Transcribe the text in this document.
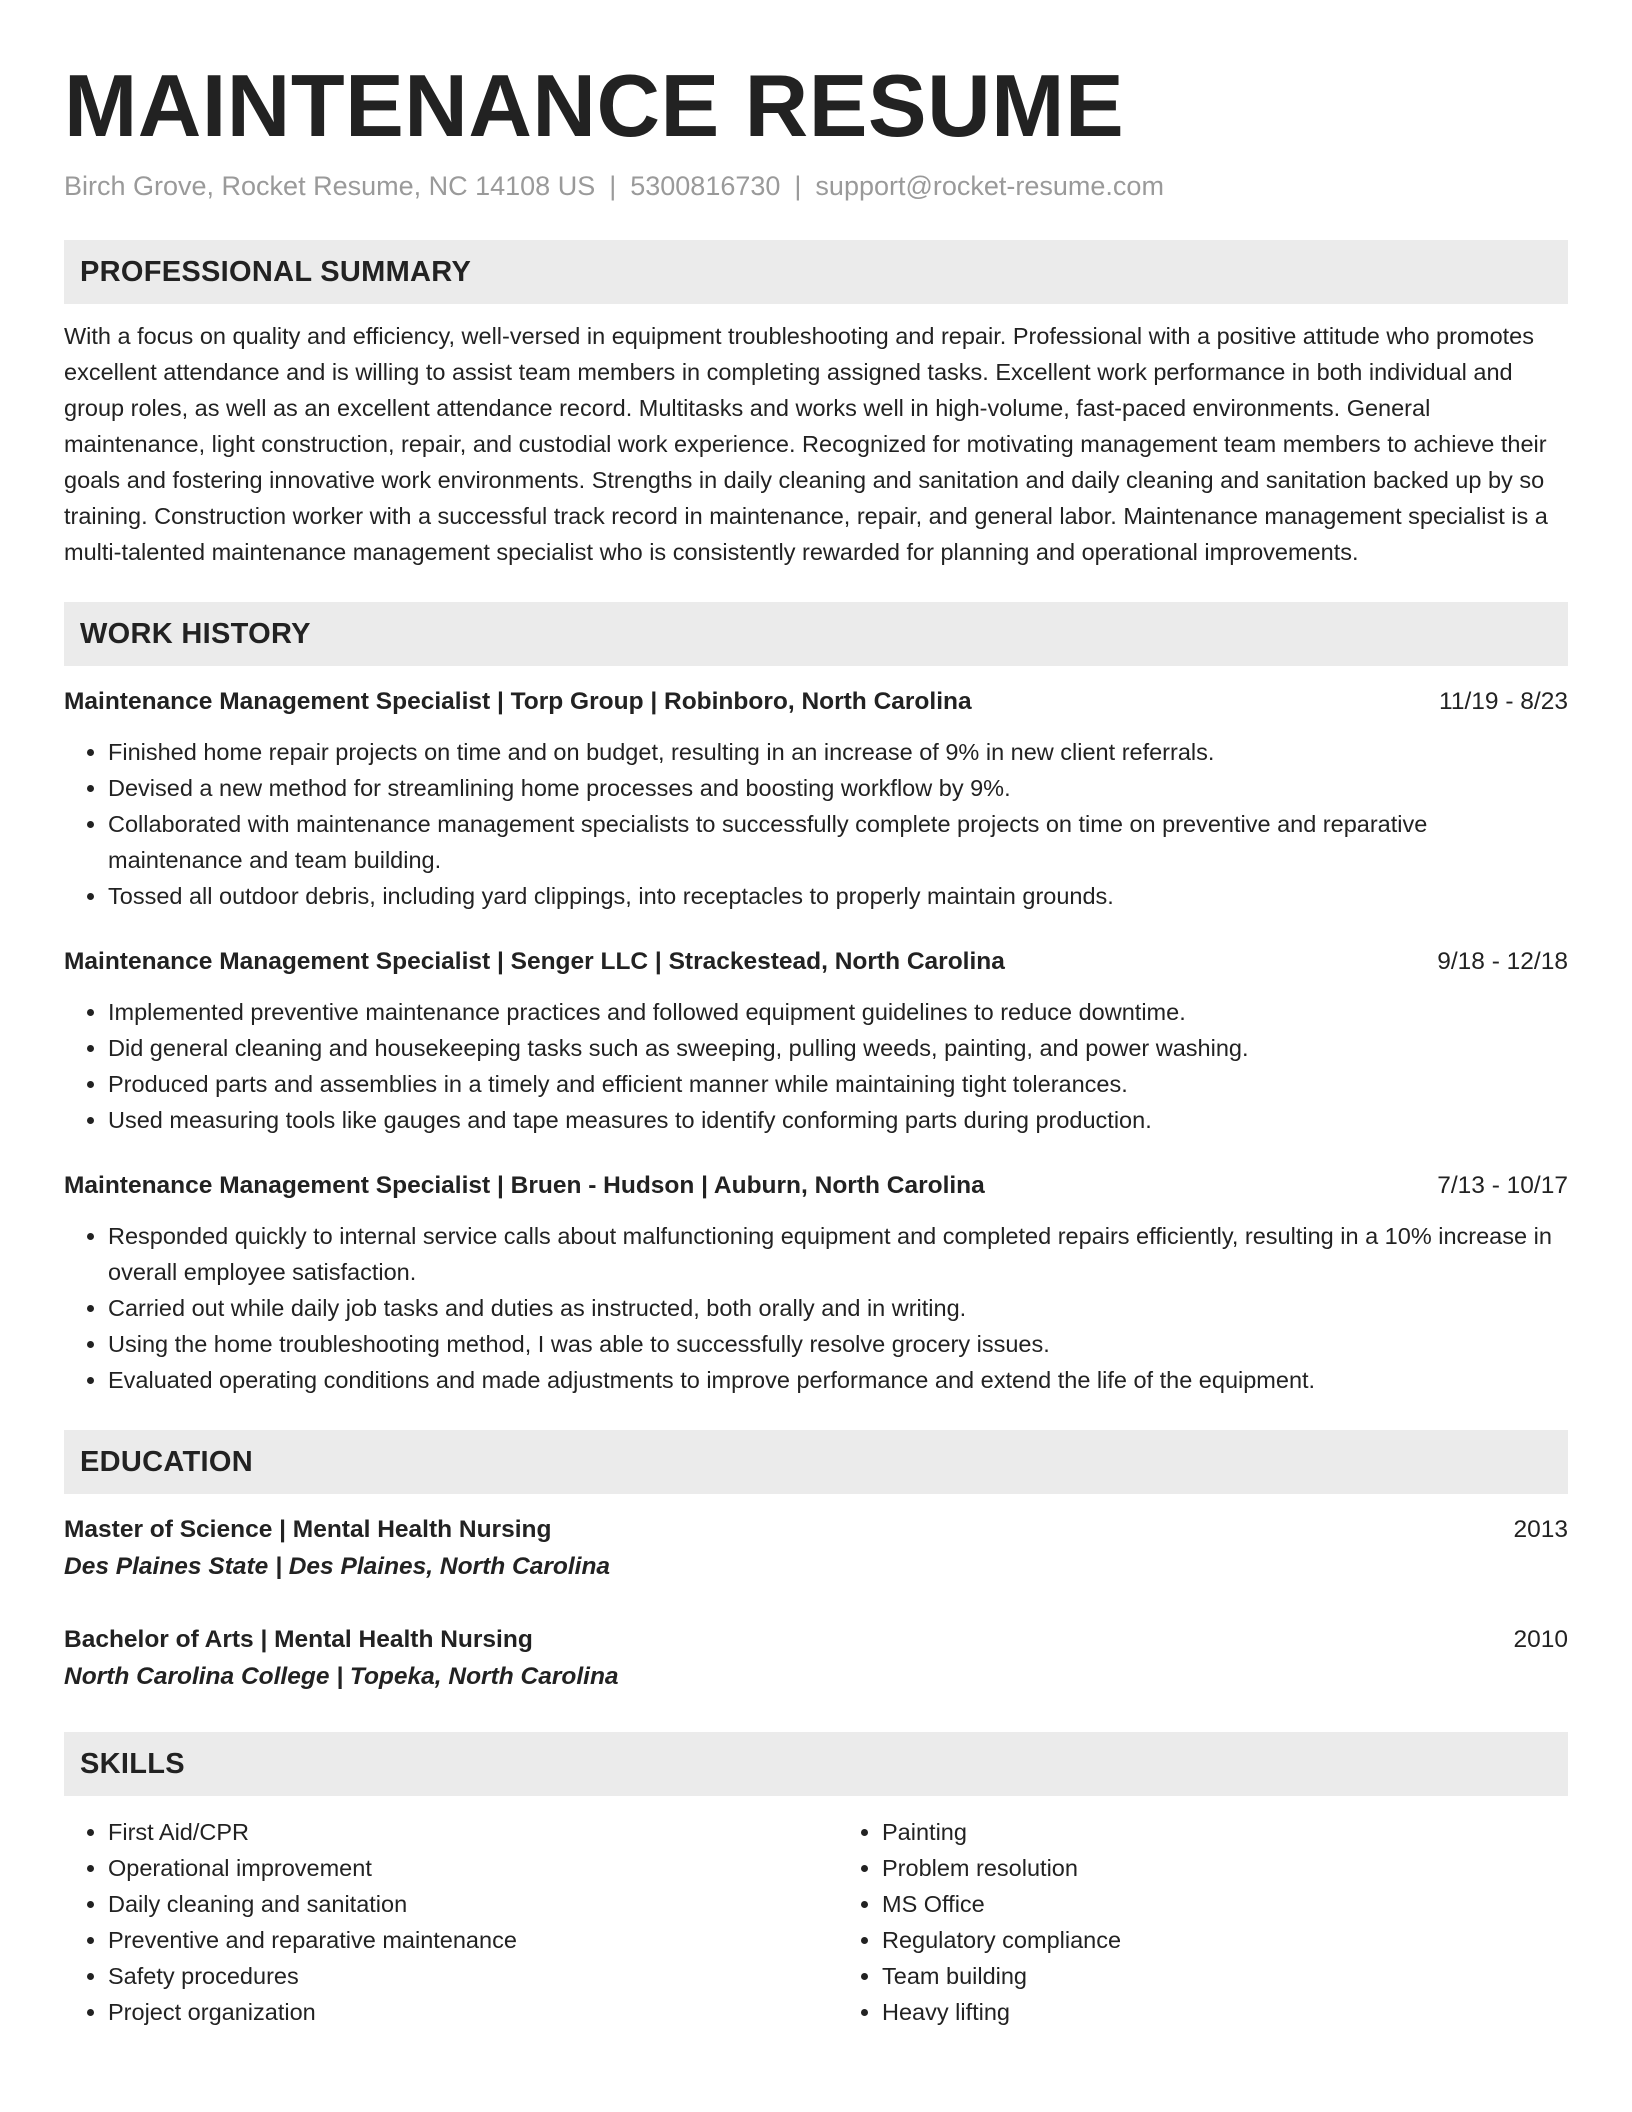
MAINTENANCE RESUME
Birch Grove, Rocket Resume, NC 14108 US | 5300816730 | support@rocket-resume.com
PROFESSIONAL SUMMARY
With a focus on quality and efficiency, well-versed in equipment troubleshooting and repair. Professional with a positive attitude who promotes excellent attendance and is willing to assist team members in completing assigned tasks. Excellent work performance in both individual and group roles, as well as an excellent attendance record. Multitasks and works well in high-volume, fast-paced environments. General maintenance, light construction, repair, and custodial work experience. Recognized for motivating management team members to achieve their goals and fostering innovative work environments. Strengths in daily cleaning and sanitation and daily cleaning and sanitation backed up by so training. Construction worker with a successful track record in maintenance, repair, and general labor. Maintenance management specialist is a multi-talented maintenance management specialist who is consistently rewarded for planning and operational improvements.
WORK HISTORY
Maintenance Management Specialist | Torp Group | Robinboro, North Carolina	11/19 - 8/23
• Finished home repair projects on time and on budget, resulting in an increase of 9% in new client referrals.
• Devised a new method for streamlining home processes and boosting workflow by 9%.
• Collaborated with maintenance management specialists to successfully complete projects on time on preventive and reparative maintenance and team building.
• Tossed all outdoor debris, including yard clippings, into receptacles to properly maintain grounds.
Maintenance Management Specialist | Senger LLC | Strackestead, North Carolina	9/18 - 12/18
• Implemented preventive maintenance practices and followed equipment guidelines to reduce downtime.
• Did general cleaning and housekeeping tasks such as sweeping, pulling weeds, painting, and power washing.
• Produced parts and assemblies in a timely and efficient manner while maintaining tight tolerances.
• Used measuring tools like gauges and tape measures to identify conforming parts during production.
Maintenance Management Specialist | Bruen - Hudson | Auburn, North Carolina	7/13 - 10/17
• Responded quickly to internal service calls about malfunctioning equipment and completed repairs efficiently, resulting in a 10% increase in overall employee satisfaction.
• Carried out while daily job tasks and duties as instructed, both orally and in writing.
• Using the home troubleshooting method, I was able to successfully resolve grocery issues.
• Evaluated operating conditions and made adjustments to improve performance and extend the life of the equipment.
EDUCATION
Master of Science | Mental Health Nursing	2013
Des Plaines State | Des Plaines, North Carolina
Bachelor of Arts | Mental Health Nursing	2010
North Carolina College | Topeka, North Carolina
SKILLS
• First Aid/CPR
• Operational improvement
• Daily cleaning and sanitation
• Preventive and reparative maintenance
• Safety procedures
• Project organization
• Painting
• Problem resolution
• MS Office
• Regulatory compliance
• Team building
• Heavy lifting
